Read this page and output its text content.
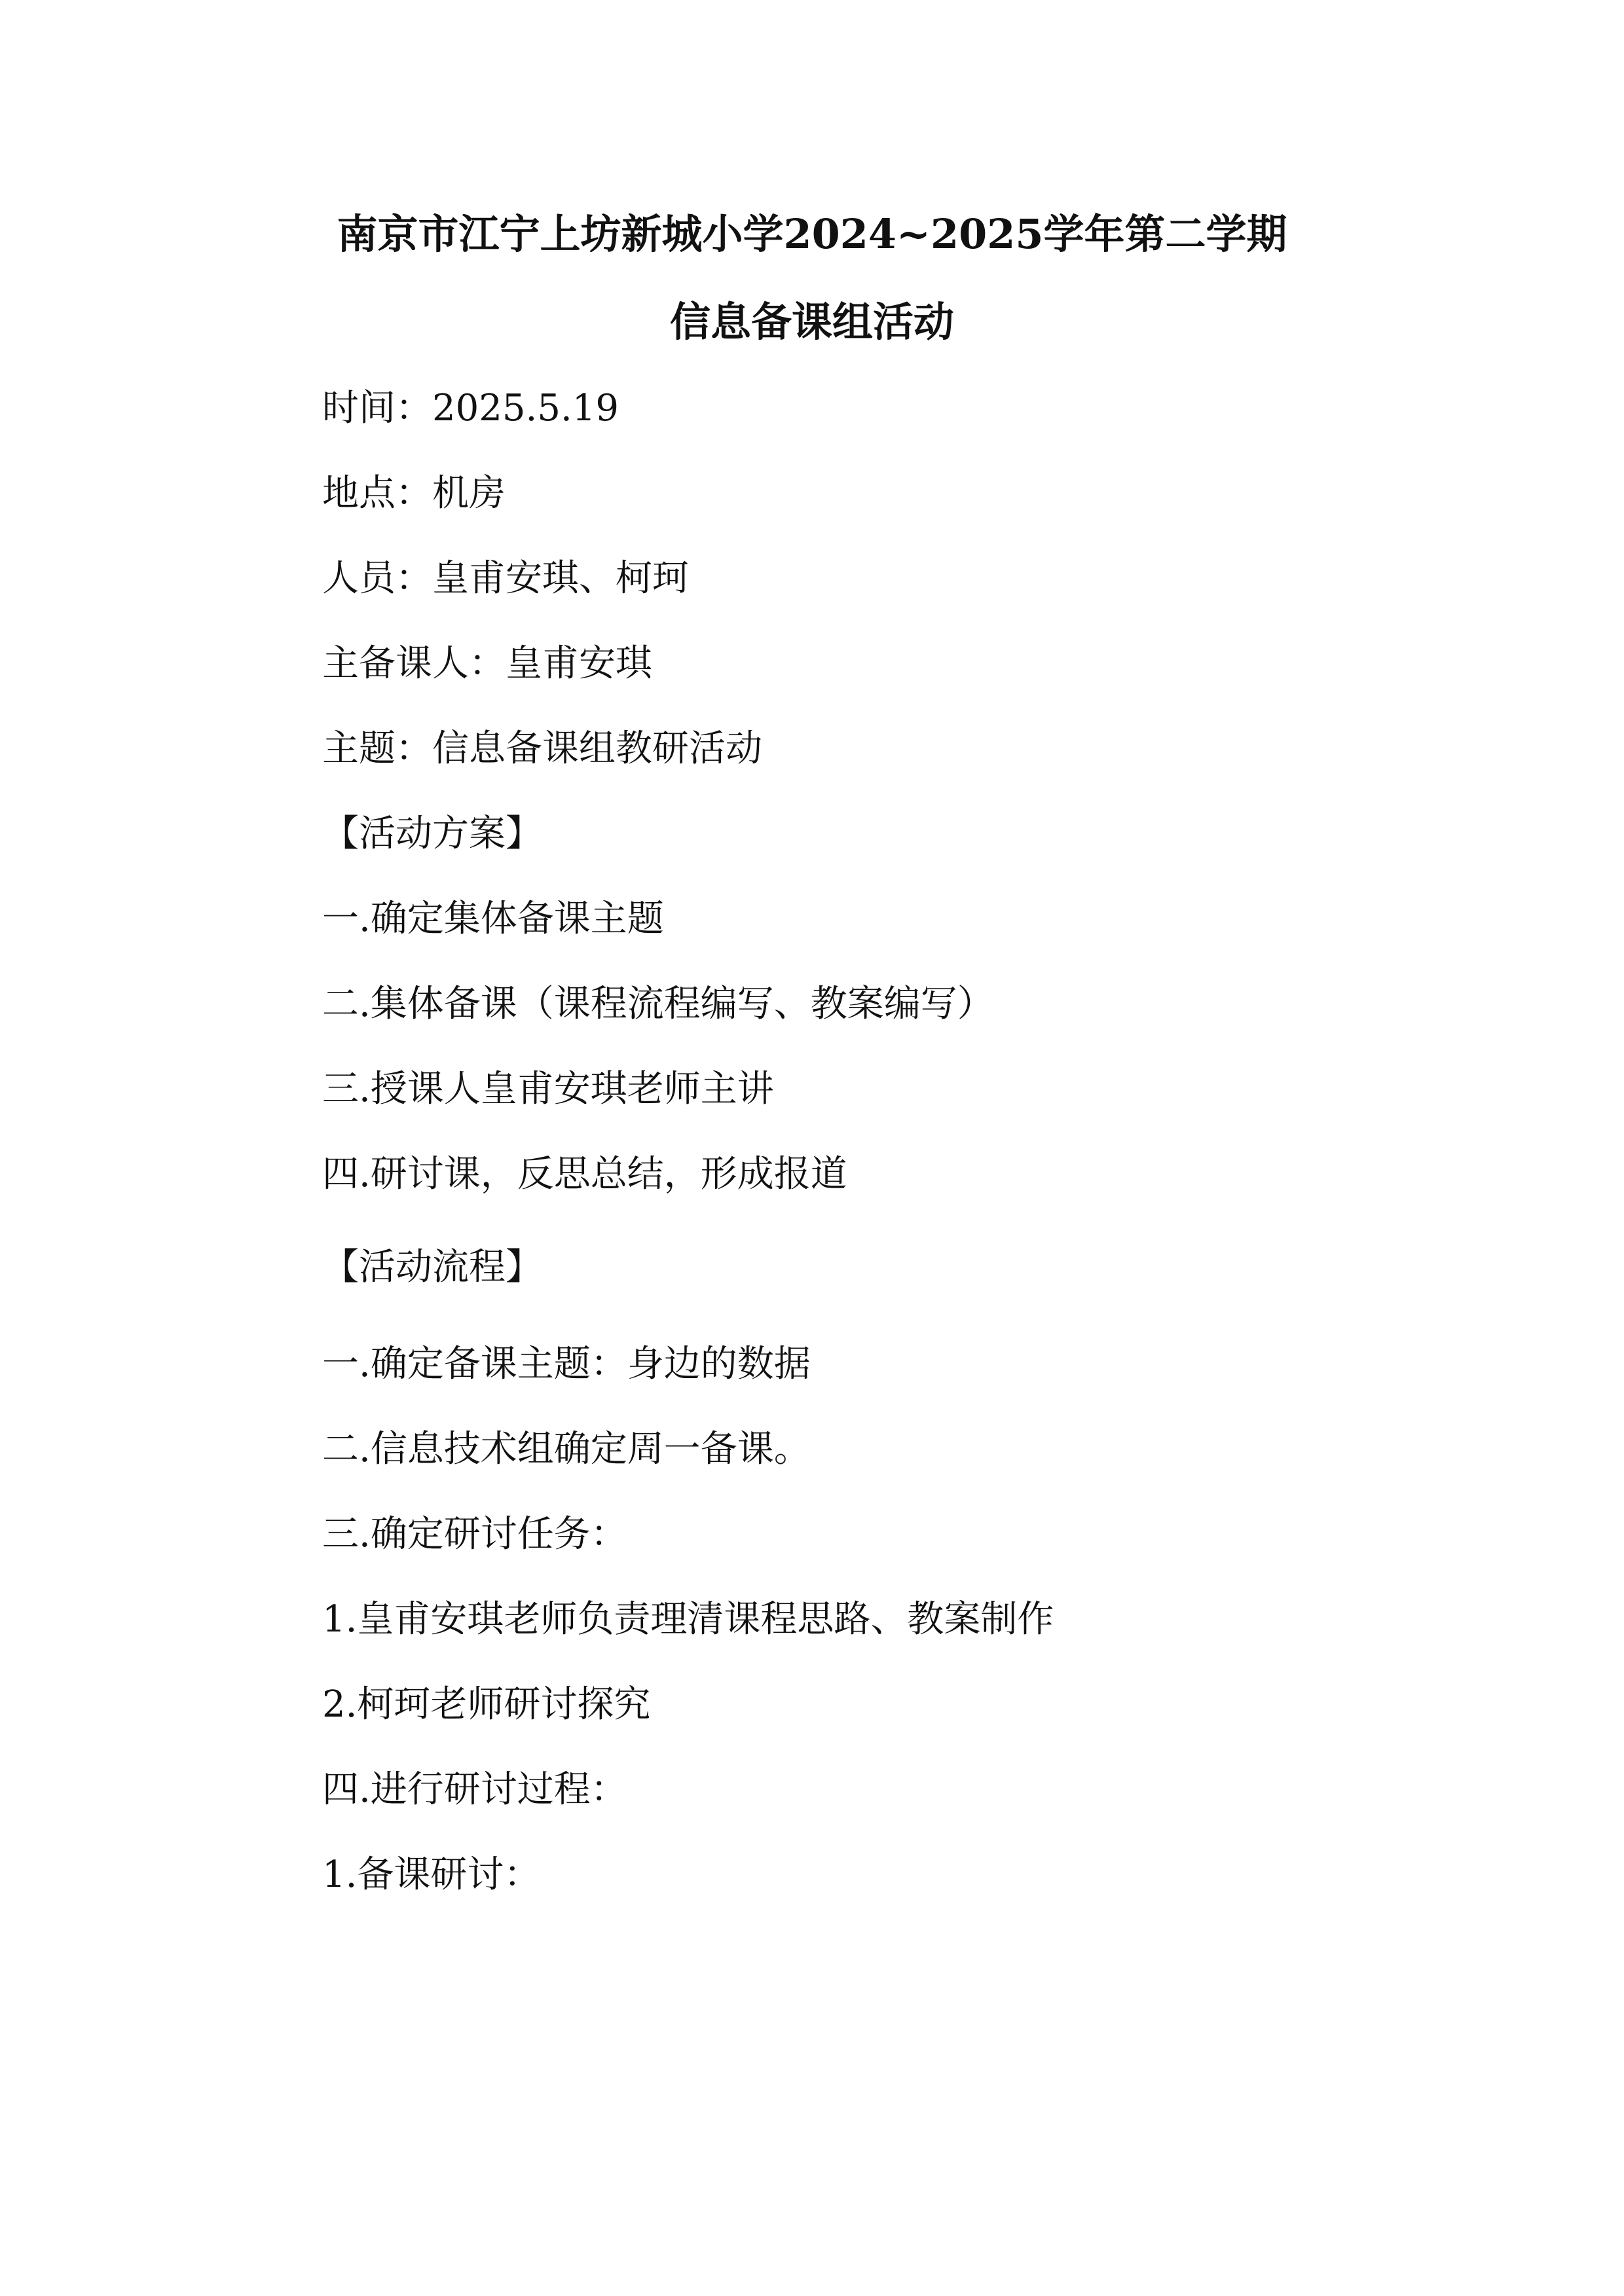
南京市江宁上坊新城小学2024~2025学年第二学期
信息备课组活动
时间：2025.5.19
地点：机房
人员：皇甫安琪、柯珂
主备课人：皇甫安琪
主题：信息备课组教研活动
【活动方案】
一.确定集体备课主题
二.集体备课（课程流程编写、教案编写）
三.授课人皇甫安琪老师主讲
四.研讨课，反思总结，形成报道
【活动流程】
一.确定备课主题：身边的数据
二.信息技术组确定周一备课。
三.确定研讨任务：
1.皇甫安琪老师负责理清课程思路、教案制作
2.柯珂老师研讨探究
四.进行研讨过程：
1.备课研讨：
